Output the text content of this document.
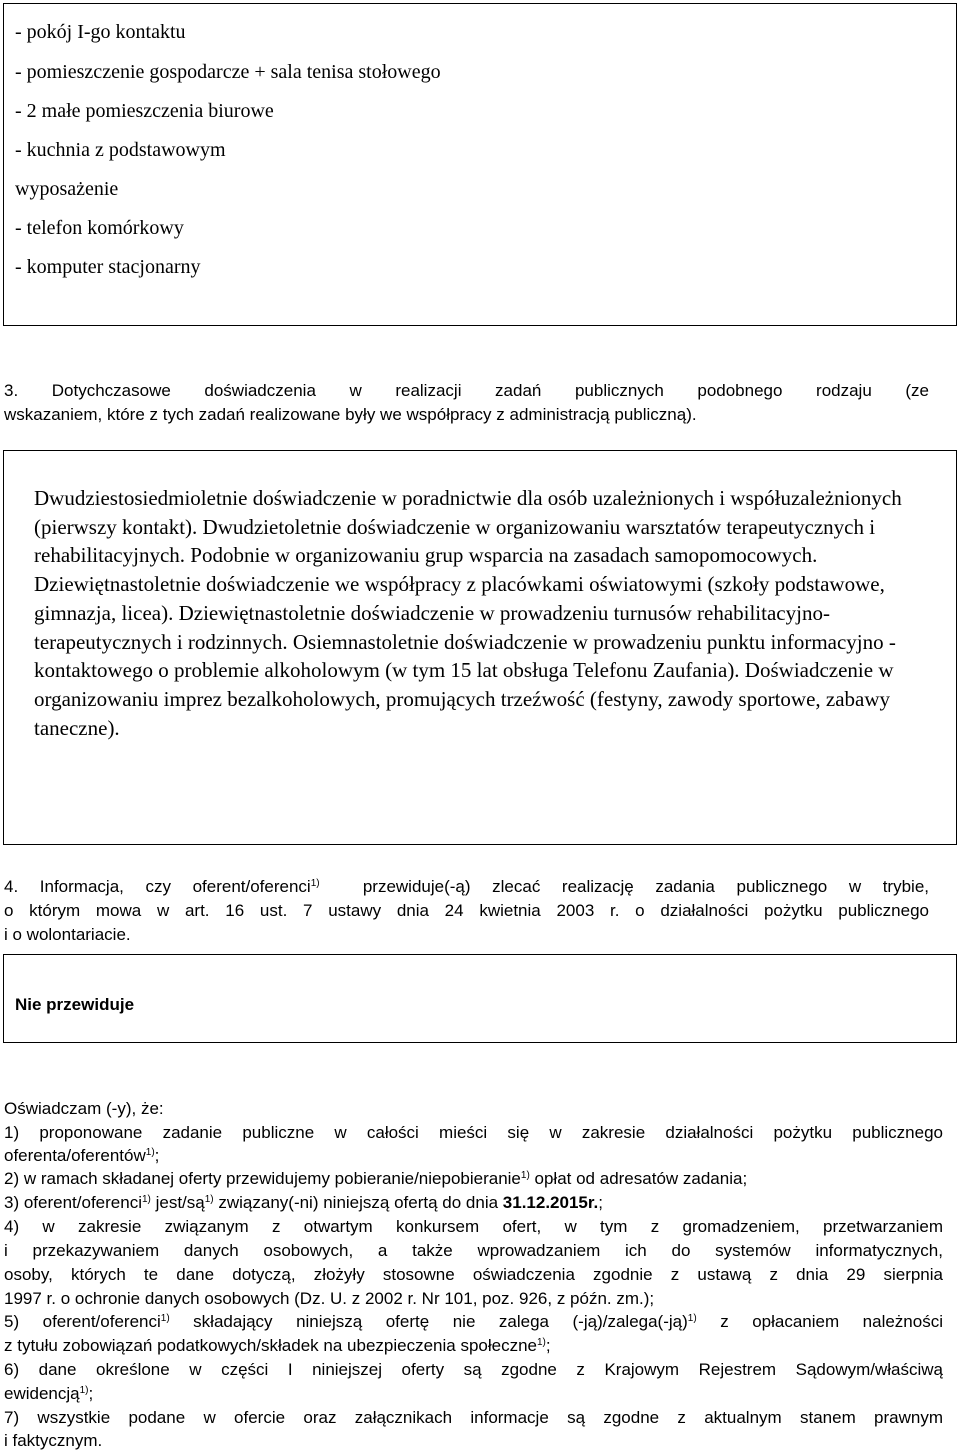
- pokój I-go kontaktu
- pomieszczenie gospodarcze + sala tenisa stołowego
- 2 małe pomieszczenia biurowe
- kuchnia z podstawowym
wyposażenie
- telefon komórkowy
- komputer stacjonarny
3. Dotychczasowe doświadczenia w realizacji zadań publicznych podobnego rodzaju (ze
wskazaniem, które z tych zadań realizowane były we współpracy z administracją publiczną).
Dwudziestosiedmioletnie doświadczenie w poradnictwie dla osób uzależnionych i współuzależnionych (pierwszy kontakt). Dwudzietoletnie doświadczenie w organizowaniu warsztatów terapeutycznych i rehabilitacyjnych. Podobnie w organizowaniu grup wsparcia na zasadach samopomocowych. Dziewiętnastoletnie doświadczenie we współpracy z placówkami oświatowymi (szkoły podstawowe, gimnazja, licea). Dziewiętnastoletnie doświadczenie w prowadzeniu turnusów rehabilitacyjno-terapeutycznych i rodzinnych. Osiemnastoletnie doświadczenie w prowadzeniu punktu informacyjno - kontaktowego o problemie alkoholowym (w tym 15 lat obsługa Telefonu Zaufania). Doświadczenie w organizowaniu imprez bezalkoholowych, promujących trzeźwość (festyny, zawody sportowe, zabawy taneczne).
4. Informacja, czy oferent/oferenci$^{1)}$	przewiduje(-ą) zlecać realizację zadania publicznego w trybie,
o którym mowa w art. 16 ust. 7 ustawy dnia 24 kwietnia 2003 r. o działalności pożytku publicznego
i o wolontariacie.
Nie przewiduje
Oświadczam (-y), że:
1) proponowane zadanie publiczne w całości mieści się w zakresie działalności pożytku publicznego
oferenta/oferentów$^{1)}$;
2) w ramach składanej oferty przewidujemy pobieranie/niepobieranie$^{1)}$ opłat od adresatów zadania;
3) oferent/oferenci$^{1)}$ jest/$są^{1)}$ związany(-ni) niniejszą ofertą do dnia 31.12.2015r.;
4) w zakresie związanym z otwartym konkursem ofert, w tym z gromadzeniem, przetwarzaniem
i przekazywaniem danych osobowych, a także wprowadzaniem ich do systemów informatycznych,
osoby, których te dane dotyczą, złożyły stosowne oświadczenia zgodnie z ustawą z dnia 29 sierpnia
1997 r. o ochronie danych osobowych (Dz. U. z 2002 r. Nr 101, poz. 926, z późn. zm.);
5) oferent/oferenci$^{1)}$ składający niniejszą ofertę nie zalega (-ją)/zalega(-ją)$^{1)}$ z opłacaniem należności
z tytułu zobowiązań podatkowych/składek na ubezpieczenia społeczne$^{1)}$;
6) dane określone w części I niniejszej oferty są zgodne z Krajowym Rejestrem Sądowym/właściwą
ewidencją$^{1)}$;
7) wszystkie podane w ofercie oraz załącznikach informacje są zgodne z aktualnym stanem prawnym
i faktycznym.
